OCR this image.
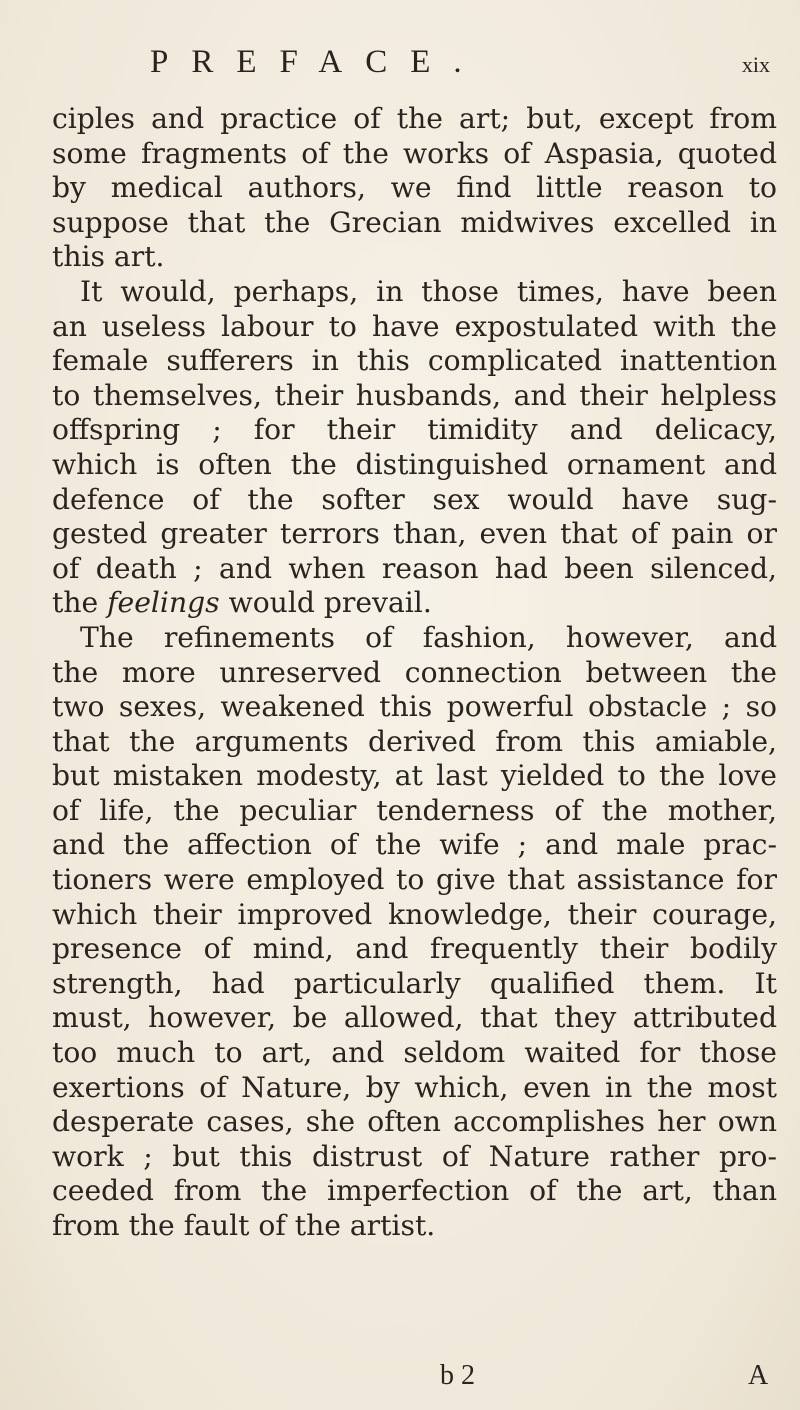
PREFACE.	xix
ciples and practice of the art; but, except from
some fragments of the works of Aspasia, quoted
by medical authors, we find little reason to
suppose that the Grecian midwives excelled in
this art.
It would, perhaps, in those times, have been
an useless labour to have expostulated with the
female sufferers in this complicated inattention
to themselves, their husbands, and their helpless
offspring ; for their timidity and delicacy,
which is often the distinguished ornament and
defence of the softer sex would have sug-
gested greater terrors than, even that of pain or
of death ; and when reason had been silenced,
the feelings would prevail.
The refinements of fashion, however, and
the more unreserved connection between the
two sexes, weakened this powerful obstacle ; so
that the arguments derived from this amiable,
but mistaken modesty, at last yielded to the love
of life, the peculiar tenderness of the mother,
and the affection of the wife ; and male prac-
tioners were employed to give that assistance for
which their improved knowledge, their courage,
presence of mind, and frequently their bodily
strength, had particularly qualified them. It
must, however, be allowed, that they attributed
too much to art, and seldom waited for those
exertions of Nature, by which, even in the most
desperate cases, she often accomplishes her own
work ; but this distrust of Nature rather pro-
ceeded from the imperfection of the art, than
from the fault of the artist.
b 2	A
